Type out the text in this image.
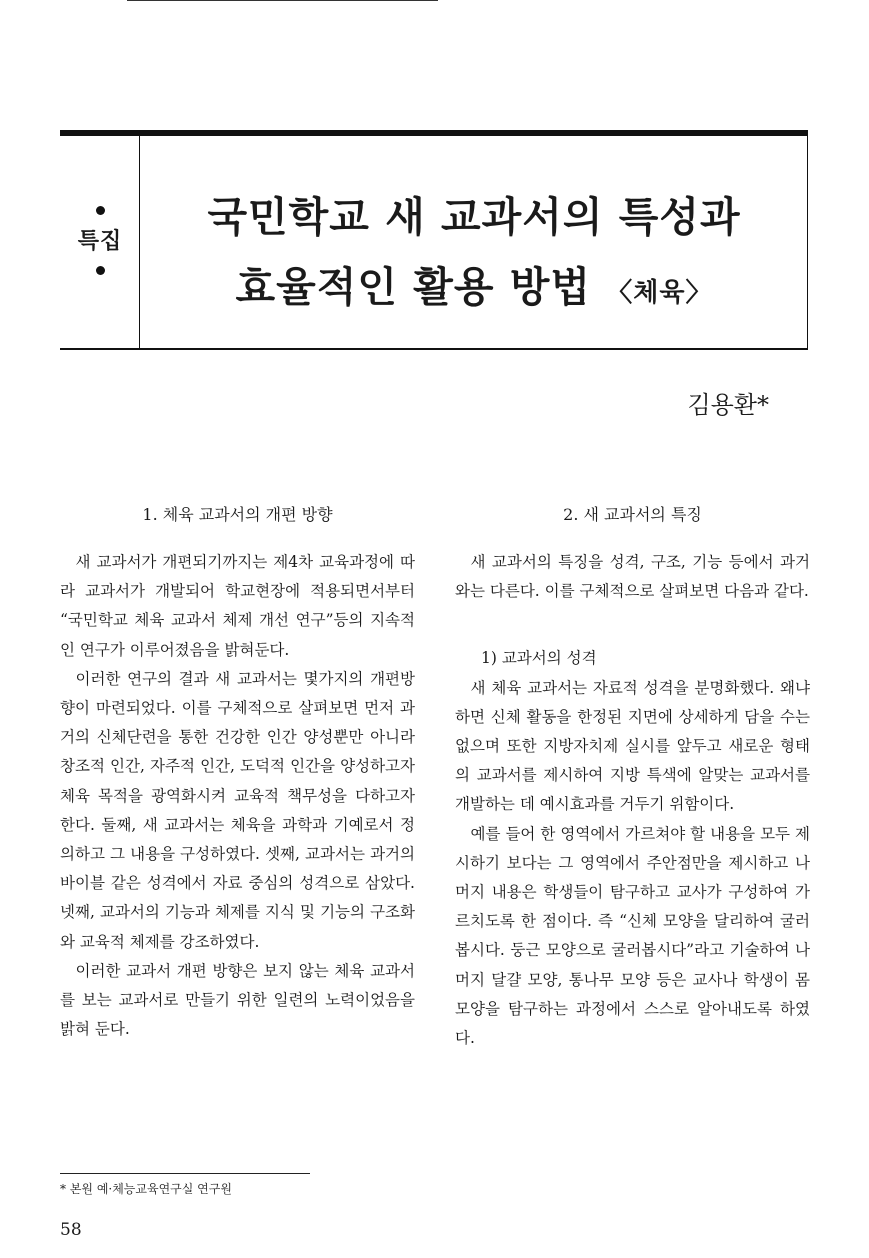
특집
국민학교 새 교과서의 특성과
효율적인 활용 방법 〈체육〉
김용환*
1. 체육 교과서의 개편 방향

새 교과서가 개편되기까지는 제4차 교육과정에 따라 교과서가 개발되어 학교현장에 적용되면서부터 “국민학교 체육 교과서 체제 개선 연구”등의 지속적인 연구가 이루어졌음을 밝혀둔다.

이러한 연구의 결과 새 교과서는 몇가지의 개편방향이 마련되었다. 이를 구체적으로 살펴보면 먼저 과거의 신체단련을 통한 건강한 인간 양성뿐만 아니라 창조적 인간, 자주적 인간, 도덕적 인간을 양성하고자 체육 목적을 광역화시켜 교육적 책무성을 다하고자 한다. 둘째, 새 교과서는 체육을 과학과 기예로서 정의하고 그 내용을 구성하였다. 셋째, 교과서는 과거의 바이블 같은 성격에서 자료 중심의 성격으로 삼았다. 넷째, 교과서의 기능과 체제를 지식 및 기능의 구조화와 교육적 체제를 강조하였다.

이러한 교과서 개편 방향은 보지 않는 체육 교과서를 보는 교과서로 만들기 위한 일련의 노력이었음을 밝혀 둔다.

2. 새 교과서의 특징

새 교과서의 특징을 성격, 구조, 기능 등에서 과거와는 다른다. 이를 구체적으로 살펴보면 다음과 같다.

1) 교과서의 성격

새 체육 교과서는 자료적 성격을 분명화했다. 왜냐하면 신체 활동을 한정된 지면에 상세하게 담을 수는 없으며 또한 지방자치제 실시를 앞두고 새로운 형태의 교과서를 제시하여 지방 특색에 알맞는 교과서를 개발하는 데 예시효과를 거두기 위함이다.

예를 들어 한 영역에서 가르쳐야 할 내용을 모두 제시하기 보다는 그 영역에서 주안점만을 제시하고 나머지 내용은 학생들이 탐구하고 교사가 구성하여 가르치도록 한 점이다. 즉 “신체 모양을 달리하여 굴러봅시다. 둥근 모양으로 굴러봅시다”라고 기술하여 나머지 달걀 모양, 통나무 모양 등은 교사나 학생이 몸 모양을 탐구하는 과정에서 스스로 알아내도록 하였다.

* 본원 예·체능교육연구실 연구원
58
